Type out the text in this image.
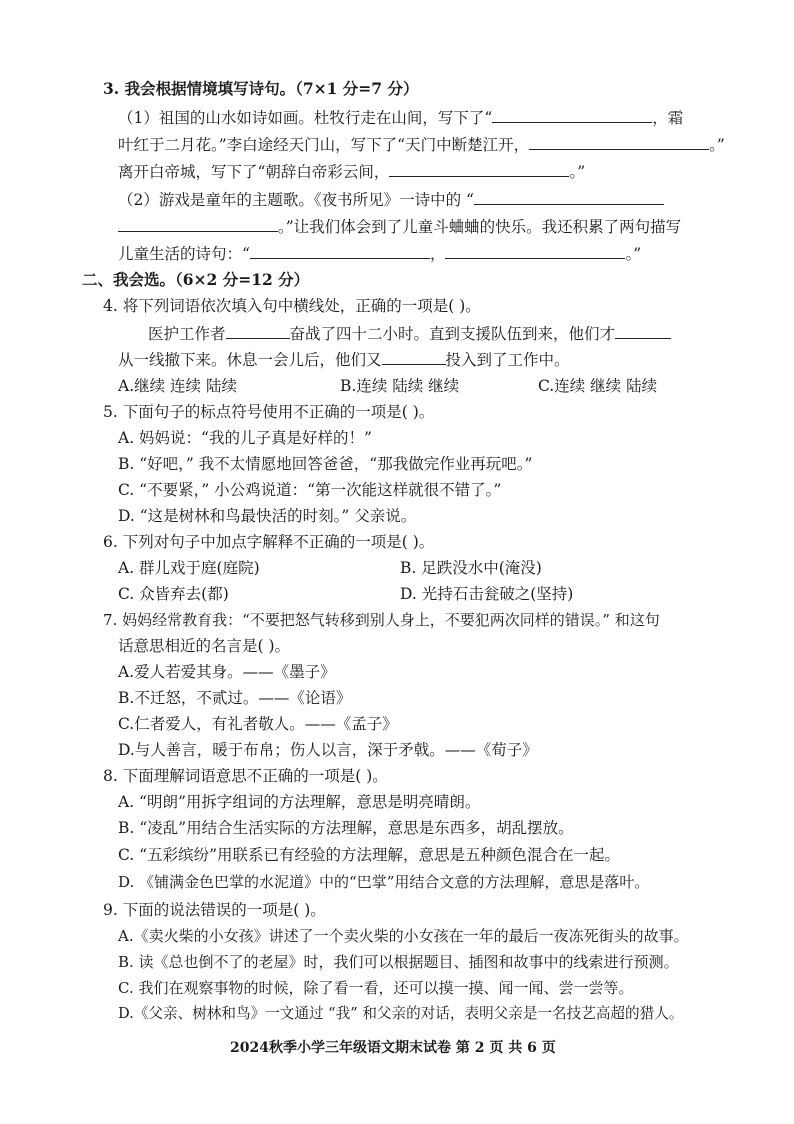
3. 我会根据情境填写诗句。（7×1 分=7 分）
（1）祖国的山水如诗如画。杜牧行走在山间，写下了“	，霜
叶红于二月花。”李白途经天门山，写下了“天门中断楚江开，	。”
离开白帝城，写下了“朝辞白帝彩云间，	。”
（2）游戏是童年的主题歌。《夜书所见》一诗中的 “
。”让我们体会到了儿童斗蛐蛐的快乐。我还积累了两句描写
儿童生活的诗句：“	，	。”
二、我会选。（6×2 分=12 分）
4. 将下列词语依次填入句中横线处，正确的一项是( )。
医护工作者	奋战了四十二小时。直到支援队伍到来，他们才
从一线撤下来。休息一会儿后，他们又	投入到了工作中。
A.继续 连续 陆续	B.连续 陆续 继续	C.连续 继续 陆续
5. 下面句子的标点符号使用不正确的一项是( )。
A. 妈妈说：“我的儿子真是好样的！”
B. “好吧，” 我不太情愿地回答爸爸，“那我做完作业再玩吧。”
C. “不要紧，” 小公鸡说道：“第一次能这样就很不错了。”
D. “这是树林和鸟最快活的时刻。” 父亲说。
6. 下列对句子中加点字解释不正确的一项是( )。
A. 群儿戏于庭(庭院)	B. 足跌没水中(淹没)
C. 众皆弃去(都)	D. 光持石击瓮破之(坚持)
7. 妈妈经常教育我：“不要把怒气转移到别人身上，不要犯两次同样的错误。” 和这句
话意思相近的名言是( )。
A.爱人若爱其身。——《墨子》
B.不迁怒，不贰过。——《论语》
C.仁者爱人，有礼者敬人。——《孟子》
D.与人善言，暖于布帛；伤人以言，深于矛戟。——《荀子》
8. 下面理解词语意思不正确的一项是( )。
A. “明朗”用拆字组词的方法理解，意思是明亮晴朗。
B. “凌乱”用结合生活实际的方法理解，意思是东西多，胡乱摆放。
C. “五彩缤纷”用联系已有经验的方法理解，意思是五种颜色混合在一起。
D. 《铺满金色巴掌的水泥道》中的“巴掌”用结合文意的方法理解，意思是落叶。
9. 下面的说法错误的一项是( )。
A.《卖火柴的小女孩》讲述了一个卖火柴的小女孩在一年的最后一夜冻死街头的故事。
B. 读《总也倒不了的老屋》时，我们可以根据题目、插图和故事中的线索进行预测。
C. 我们在观察事物的时候，除了看一看，还可以摸一摸、闻一闻、尝一尝等。
D.《父亲、树林和鸟》一文通过 “我” 和父亲的对话，表明父亲是一名技艺高超的猎人。
2024秋季小学三年级语文期末试卷 第 2 页 共 6 页
